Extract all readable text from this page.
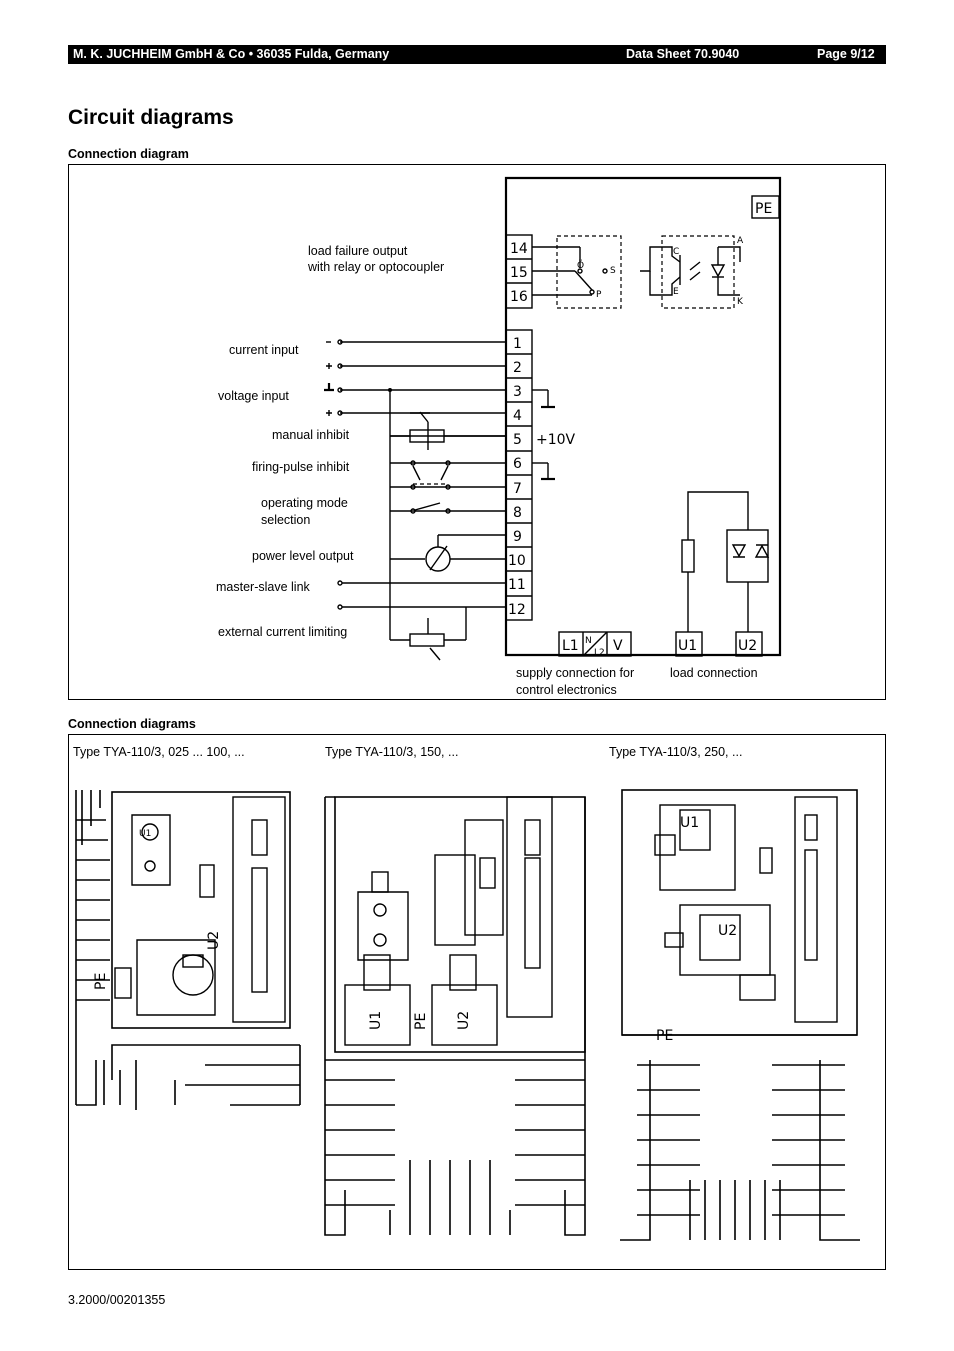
M. K. JUCHHEIM GmbH & Co • 36035 Fulda, Germany	Data Sheet 70.9040	Page 9/12
Circuit diagrams
Connection diagram
load failure output
with relay or optocoupler
current input
voltage input
manual inhibit
firing-pulse inhibit
operating mode
selection
power level output
master-slave link
external current limiting
supply connection for
control electronics
load connection
PE
14
15
16
1
2
3
4
5
6
7
8
9
10
11
12
Ö	S
P
C
E
A
K
+10V
L1 N
L2 V	U1	U2
Connection diagrams
Type TYA-110/3, 025 ... 100, ...	Type TYA-110/3, 150, ...	Type TYA-110/3, 250, ...
PE
U2
U1
U1 PE U2
U1
U2
PE
3.2000/00201355
